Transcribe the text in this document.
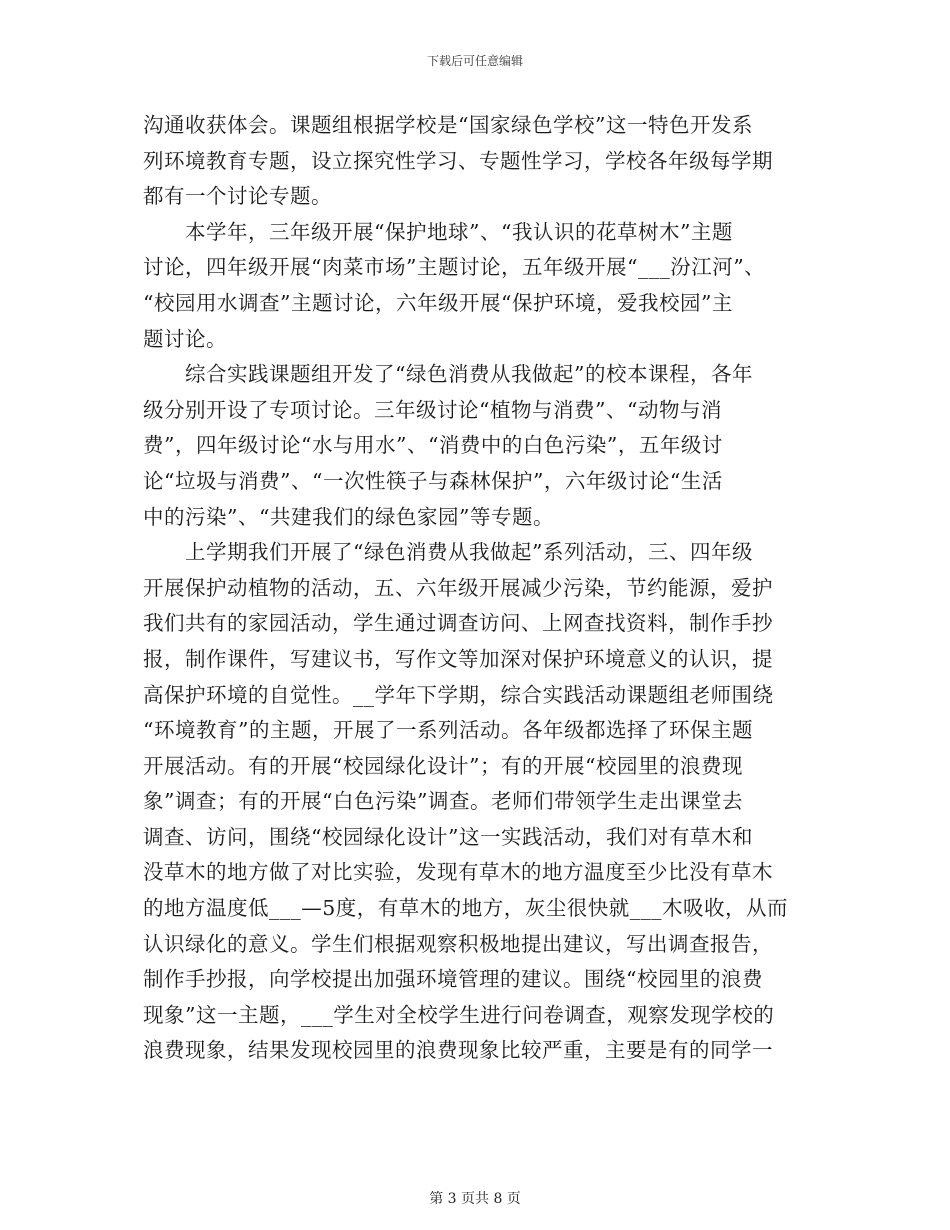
下载后可任意编辑
沟通收获体会。课题组根据学校是“国家绿色学校”这一特色开发系
列环境教育专题，设立探究性学习、专题性学习，学校各年级每学期
都有一个讨论专题。
　　本学年，三年级开展“保护地球”、“我认识的花草树木”主题
讨论，四年级开展“肉菜市场”主题讨论，五年级开展“___汾江河”、
“校园用水调查”主题讨论，六年级开展“保护环境，爱我校园”主
题讨论。
　　综合实践课题组开发了“绿色消费从我做起”的校本课程，各年
级分别开设了专项讨论。三年级讨论“植物与消费”、“动物与消
费”，四年级讨论“水与用水”、“消费中的白色污染”，五年级讨
论“垃圾与消费”、“一次性筷子与森林保护”，六年级讨论“生活
中的污染”、“共建我们的绿色家园”等专题。
　　上学期我们开展了“绿色消费从我做起”系列活动，三、四年级
开展保护动植物的活动，五、六年级开展减少污染，节约能源，爱护
我们共有的家园活动，学生通过调查访问、上网查找资料，制作手抄
报，制作课件，写建议书，写作文等加深对保护环境意义的认识，提
高保护环境的自觉性。__学年下学期，综合实践活动课题组老师围绕
“环境教育”的主题，开展了一系列活动。各年级都选择了环保主题
开展活动。有的开展“校园绿化设计”；有的开展“校园里的浪费现
象”调查；有的开展“白色污染”调查。老师们带领学生走出课堂去
调查、访问，围绕“校园绿化设计”这一实践活动，我们对有草木和
没草木的地方做了对比实验，发现有草木的地方温度至少比没有草木
的地方温度低___—5度，有草木的地方，灰尘很快就___木吸收，从而
认识绿化的意义。学生们根据观察积极地提出建议，写出调查报告，
制作手抄报，向学校提出加强环境管理的建议。围绕“校园里的浪费
现象”这一主题，___学生对全校学生进行问卷调查，观察发现学校的
浪费现象，结果发现校园里的浪费现象比较严重，主要是有的同学一
第 3 页共 8 页
